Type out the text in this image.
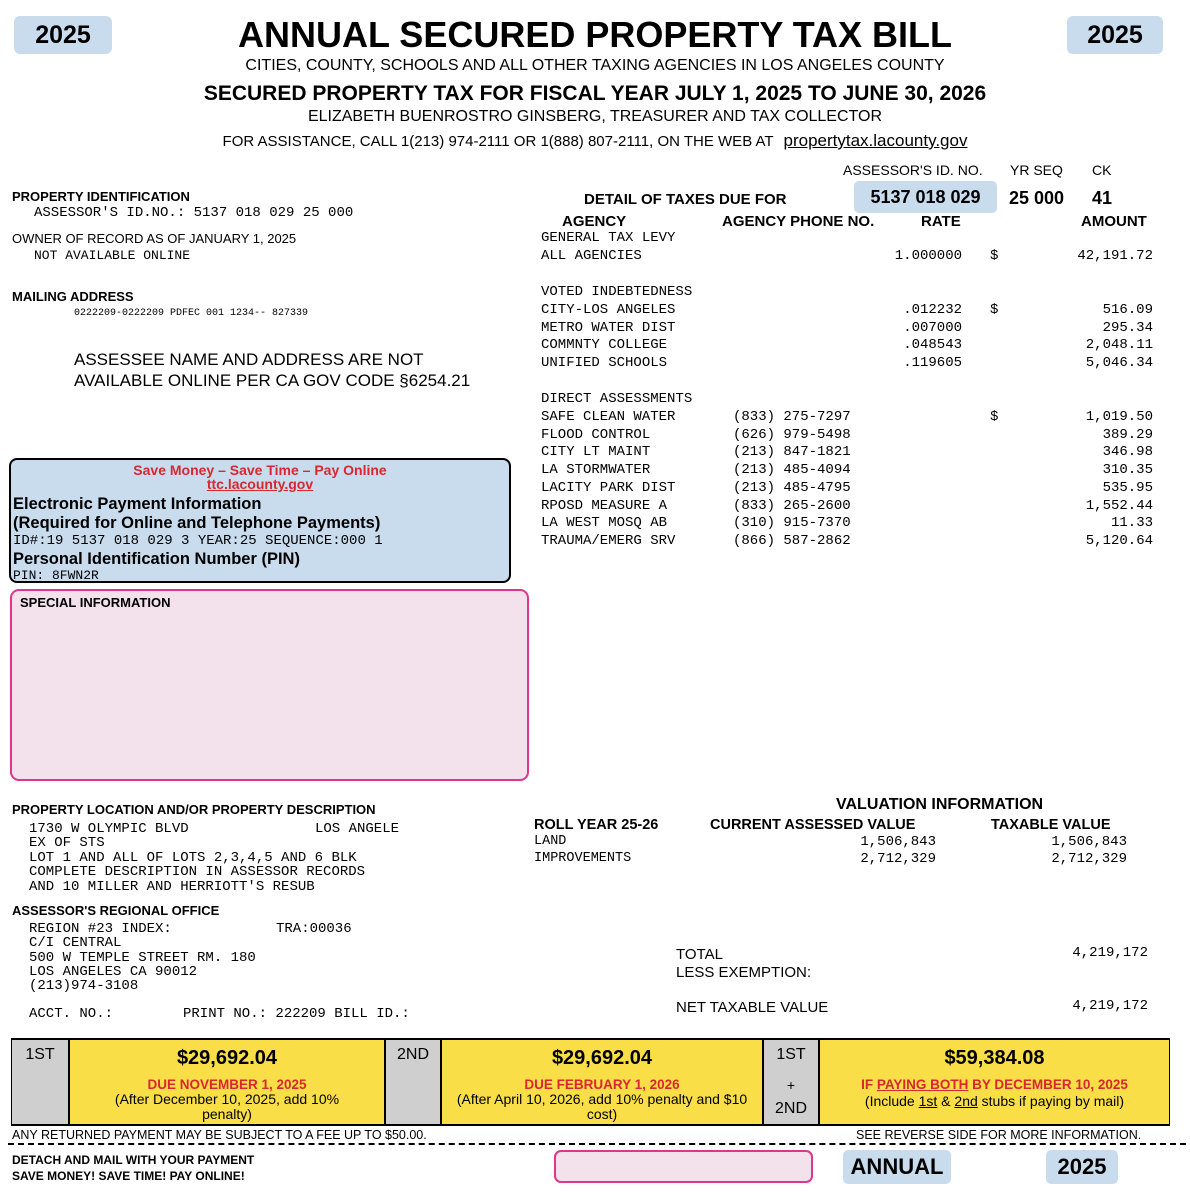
2025	2025
ANNUAL SECURED PROPERTY TAX BILL
CITIES, COUNTY, SCHOOLS AND ALL OTHER TAXING AGENCIES IN LOS ANGELES COUNTY
SECURED PROPERTY TAX FOR FISCAL YEAR JULY 1, 2025 TO JUNE 30, 2026
ELIZABETH BUENROSTRO GINSBERG, TREASURER AND TAX COLLECTOR
FOR ASSISTANCE, CALL 1(213) 974-2111 OR 1(888) 807-2111, ON THE WEB AT propertytax.lacounty.gov
ASSESSOR'S ID. NO. YR SEQ CK
DETAIL OF TAXES DUE FOR	5137 018 029	25 000 41
PROPERTY IDENTIFICATION
ASSESSOR'S ID.NO.: 5137 018 029 25 000
OWNER OF RECORD AS OF JANUARY 1, 2025
NOT AVAILABLE ONLINE
MAILING ADDRESS
0222209-0222209 PDFEC 001 1234-- 827339
ASSESSEE NAME AND ADDRESS ARE NOT
AVAILABLE ONLINE PER CA GOV CODE §6254.21
Save Money – Save Time – Pay Online
ttc.lacounty.gov
Electronic Payment Information
(Required for Online and Telephone Payments)
ID#:19 5137 018 029 3 YEAR:25 SEQUENCE:000 1
Personal Identification Number (PIN)
PIN: 8FWN2R
SPECIAL INFORMATION
AGENCY	AGENCY PHONE NO.	RATE	AMOUNT
GENERAL TAX LEVY
ALL AGENCIES	1.000000 $	42,191.72
VOTED INDEBTEDNESS
CITY-LOS ANGELES	.012232 $	516.09
METRO WATER DIST	.007000	295.34
COMMNTY COLLEGE	.048543	2,048.11
UNIFIED SCHOOLS	.119605	5,046.34
DIRECT ASSESSMENTS
SAFE CLEAN WATER	(833) 275-7297	$	1,019.50
FLOOD CONTROL	(626) 979-5498	389.29
CITY LT MAINT	(213) 847-1821	346.98
LA STORMWATER	(213) 485-4094	310.35
LACITY PARK DIST	(213) 485-4795	535.95
RPOSD MEASURE A	(833) 265-2600	1,552.44
LA WEST MOSQ AB	(310) 915-7370	11.33
TRAUMA/EMERG SRV	(866) 587-2862	5,120.64
PROPERTY LOCATION AND/OR PROPERTY DESCRIPTION
1730 W OLYMPIC BLVD	LOS ANGELE
EX OF STS
LOT 1 AND ALL OF LOTS 2,3,4,5 AND 6 BLK
COMPLETE DESCRIPTION IN ASSESSOR RECORDS
AND 10 MILLER AND HERRIOTT'S RESUB
ASSESSOR'S REGIONAL OFFICE
REGION #23 INDEX:	TRA:00036
C/I CENTRAL
500 W TEMPLE STREET RM. 180
LOS ANGELES CA 90012
(213)974-3108
ACCT. NO.:	PRINT NO.: 222209 BILL ID.:
VALUATION INFORMATION
ROLL YEAR 25-26	CURRENT ASSESSED VALUE	TAXABLE VALUE
LAND	1,506,843	1,506,843
IMPROVEMENTS	2,712,329	2,712,329
TOTAL	4,219,172
LESS EXEMPTION:
NET TAXABLE VALUE	4,219,172
1ST	$29,692.04
DUE NOVEMBER 1, 2025
(After December 10, 2025, add 10% penalty)
2ND	$29,692.04
DUE FEBRUARY 1, 2026
(After April 10, 2026, add 10% penalty and $10 cost)
1ST
+
2ND
$59,384.08
IF PAYING BOTH BY DECEMBER 10, 2025
(Include 1st & 2nd stubs if paying by mail)
ANY RETURNED PAYMENT MAY BE SUBJECT TO A FEE UP TO $50.00.	SEE REVERSE SIDE FOR MORE INFORMATION.
DETACH AND MAIL WITH YOUR PAYMENT
SAVE MONEY! SAVE TIME! PAY ONLINE!	ANNUAL	2025
